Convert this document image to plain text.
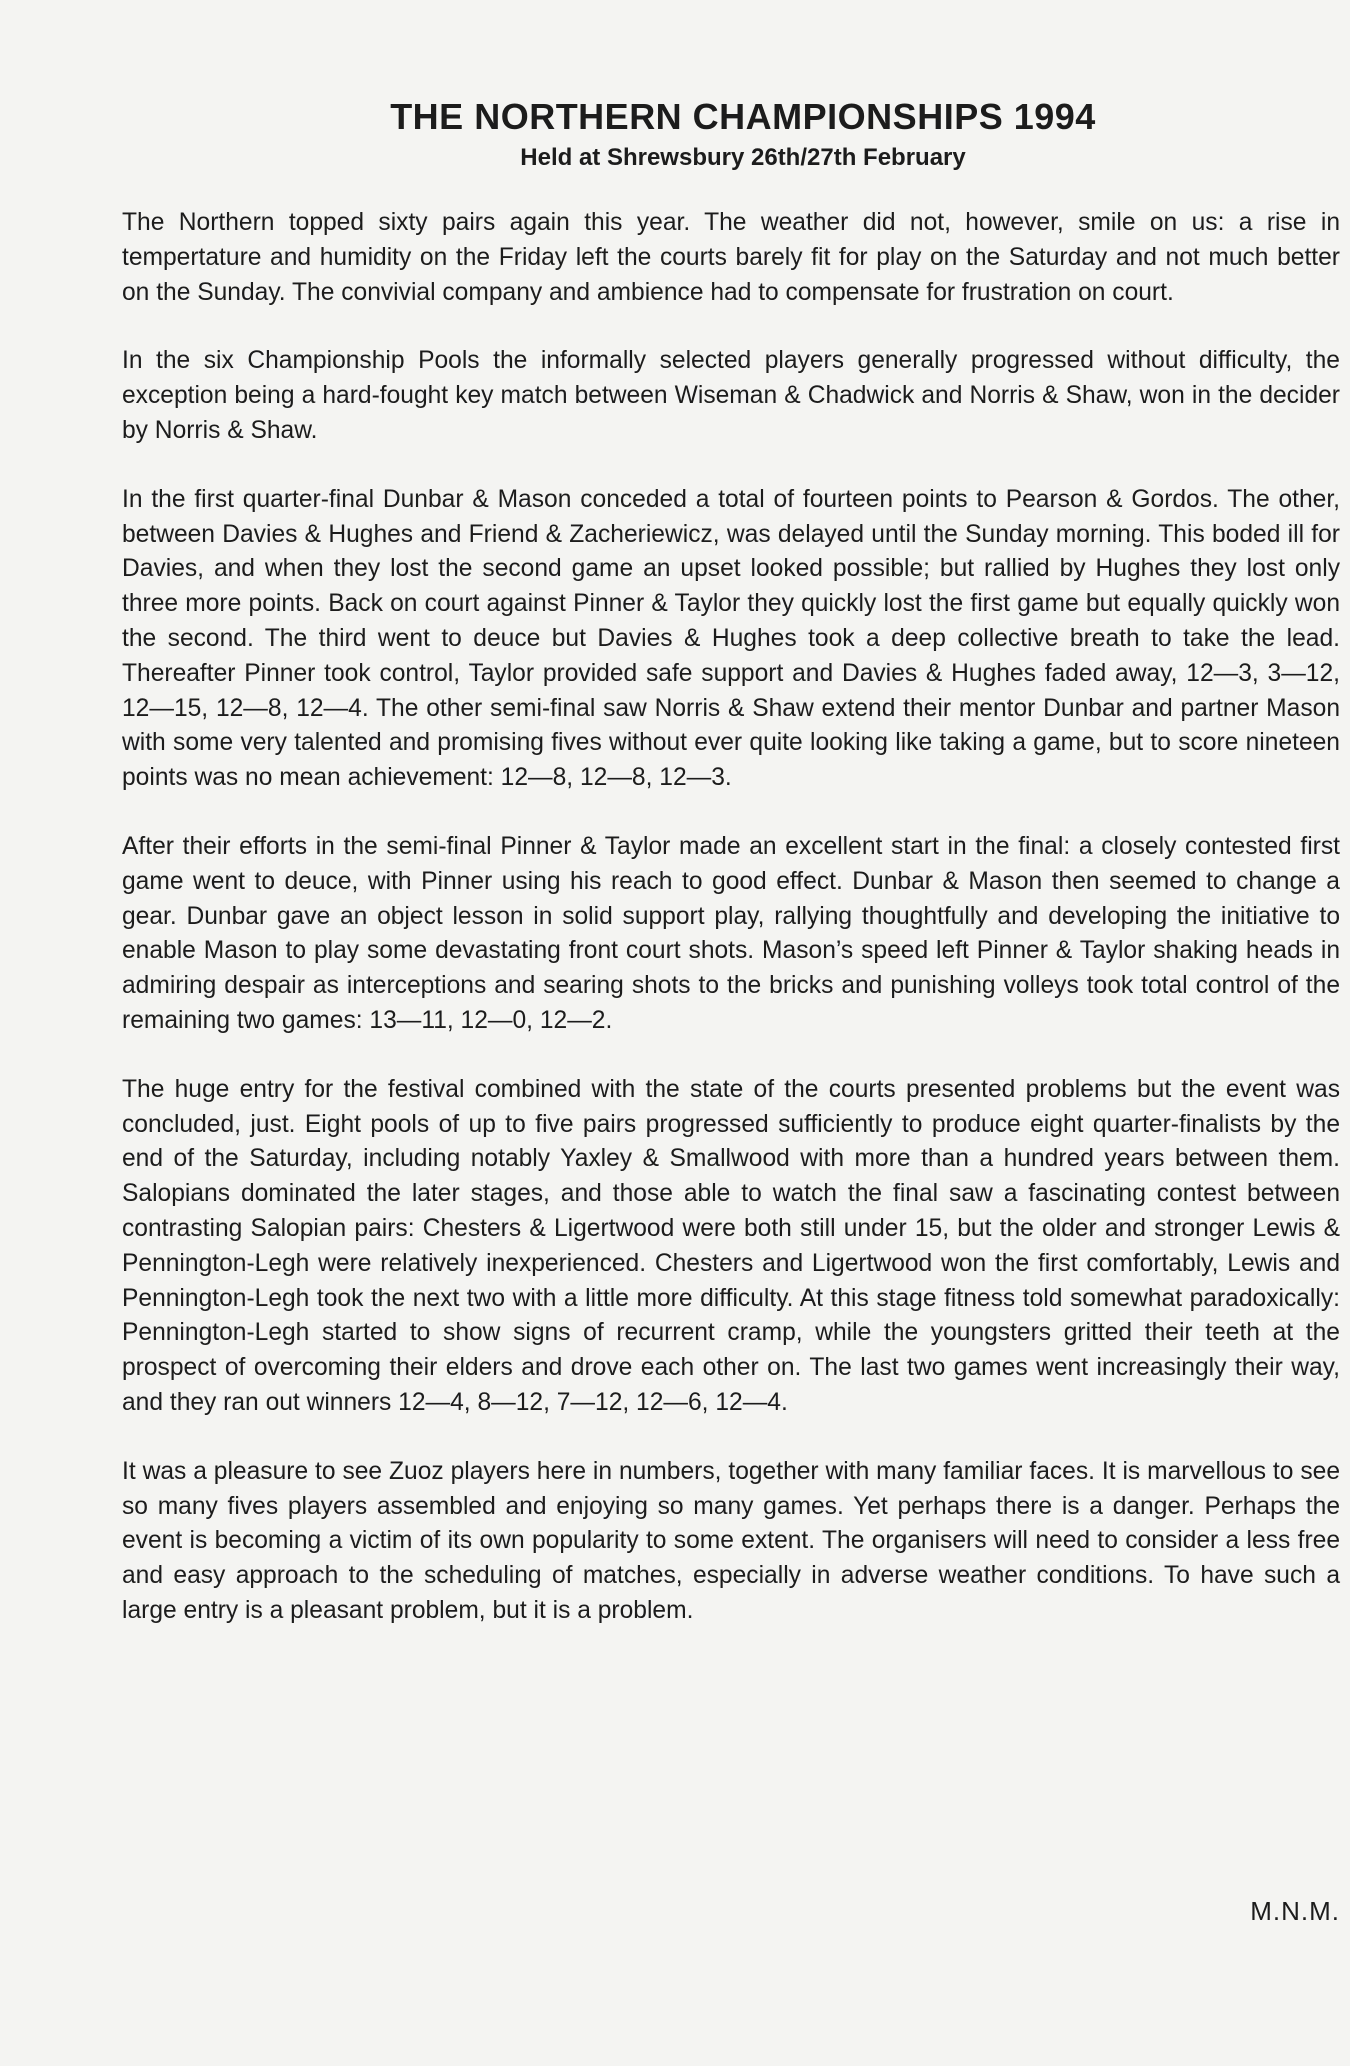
THE NORTHERN CHAMPIONSHIPS 1994
Held at Shrewsbury 26th/27th February

The Northern topped sixty pairs again this year. The weather did not, however, smile on us: a rise in tempertature and humidity on the Friday left the courts barely fit for play on the Saturday and not much better on the Sunday. The convivial company and ambience had to compensate for frustration on court.

In the six Championship Pools the informally selected players generally progressed without difficulty, the exception being a hard-fought key match between Wiseman & Chadwick and Norris & Shaw, won in the decider by Norris & Shaw.

In the first quarter-final Dunbar & Mason conceded a total of fourteen points to Pearson & Gordos. The other, between Davies & Hughes and Friend & Zacheriewicz, was delayed until the Sunday morning. This boded ill for Davies, and when they lost the second game an upset looked possible; but rallied by Hughes they lost only three more points. Back on court against Pinner & Taylor they quickly lost the first game but equally quickly won the second. The third went to deuce but Davies & Hughes took a deep collective breath to take the lead. Thereafter Pinner took control, Taylor provided safe support and Davies & Hughes faded away, 12—3, 3—12, 12—15, 12—8, 12—4. The other semi-final saw Norris & Shaw extend their mentor Dunbar and partner Mason with some very talented and promising fives without ever quite looking like taking a game, but to score nineteen points was no mean achievement: 12—8, 12—8, 12—3.

After their efforts in the semi-final Pinner & Taylor made an excellent start in the final: a closely contested first game went to deuce, with Pinner using his reach to good effect. Dunbar & Mason then seemed to change a gear. Dunbar gave an object lesson in solid support play, rallying thoughtfully and developing the initiative to enable Mason to play some devastating front court shots. Mason’s speed left Pinner & Taylor shaking heads in admiring despair as interceptions and searing shots to the bricks and punishing volleys took total control of the remaining two games: 13—11, 12—0, 12—2.

The huge entry for the festival combined with the state of the courts presented problems but the event was concluded, just. Eight pools of up to five pairs progressed sufficiently to produce eight quarter-finalists by the end of the Saturday, including notably Yaxley & Smallwood with more than a hundred years between them. Salopians dominated the later stages, and those able to watch the final saw a fascinating contest between contrasting Salopian pairs: Chesters & Ligertwood were both still under 15, but the older and stronger Lewis & Pennington-Legh were relatively inexperienced. Chesters and Ligertwood won the first comfortably, Lewis and Pennington-Legh took the next two with a little more difficulty. At this stage fitness told somewhat paradoxically: Pennington-Legh started to show signs of recurrent cramp, while the youngsters gritted their teeth at the prospect of overcoming their elders and drove each other on. The last two games went increasingly their way, and they ran out winners 12—4, 8—12, 7—12, 12—6, 12—4.

It was a pleasure to see Zuoz players here in numbers, together with many familiar faces. It is marvellous to see so many fives players assembled and enjoying so many games. Yet perhaps there is a danger. Perhaps the event is becoming a victim of its own popularity to some extent. The organisers will need to consider a less free and easy approach to the scheduling of matches, especially in adverse weather conditions. To have such a large entry is a pleasant problem, but it is a problem.

M.N.M.
